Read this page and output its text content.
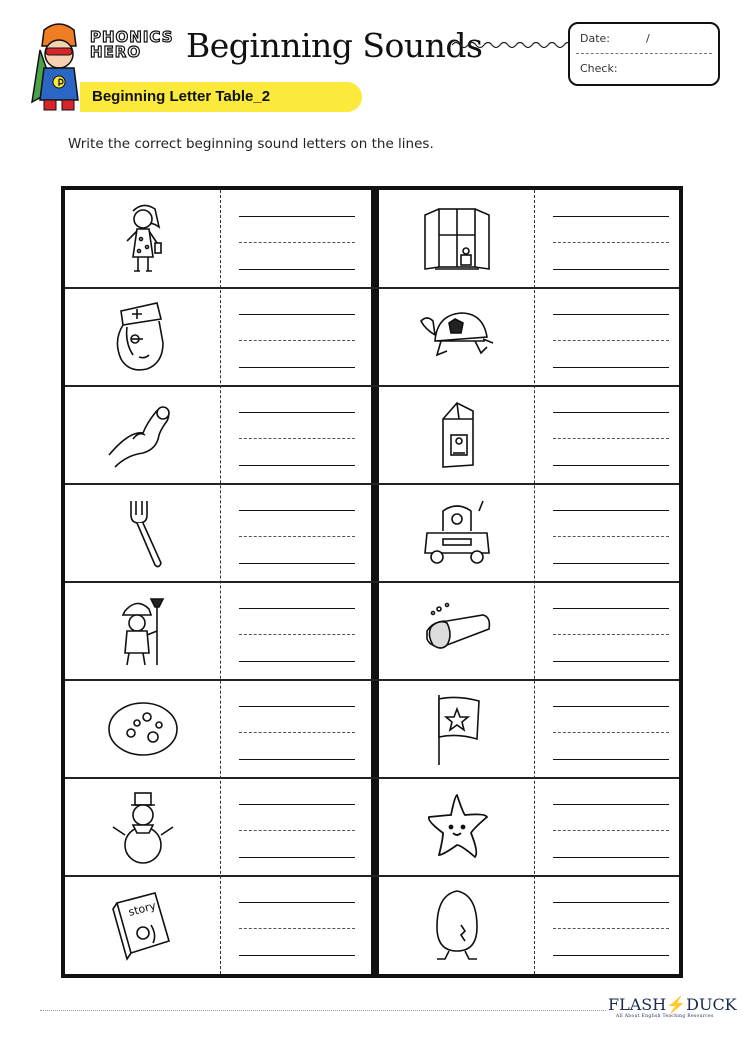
PHONICS
HERO	Beginning Sounds	Date:	/
Check:
Beginning Letter Table_2
Write the correct beginning sound letters on the lines.
story
FLASH⚡DUCK
All About English Teaching Resources
